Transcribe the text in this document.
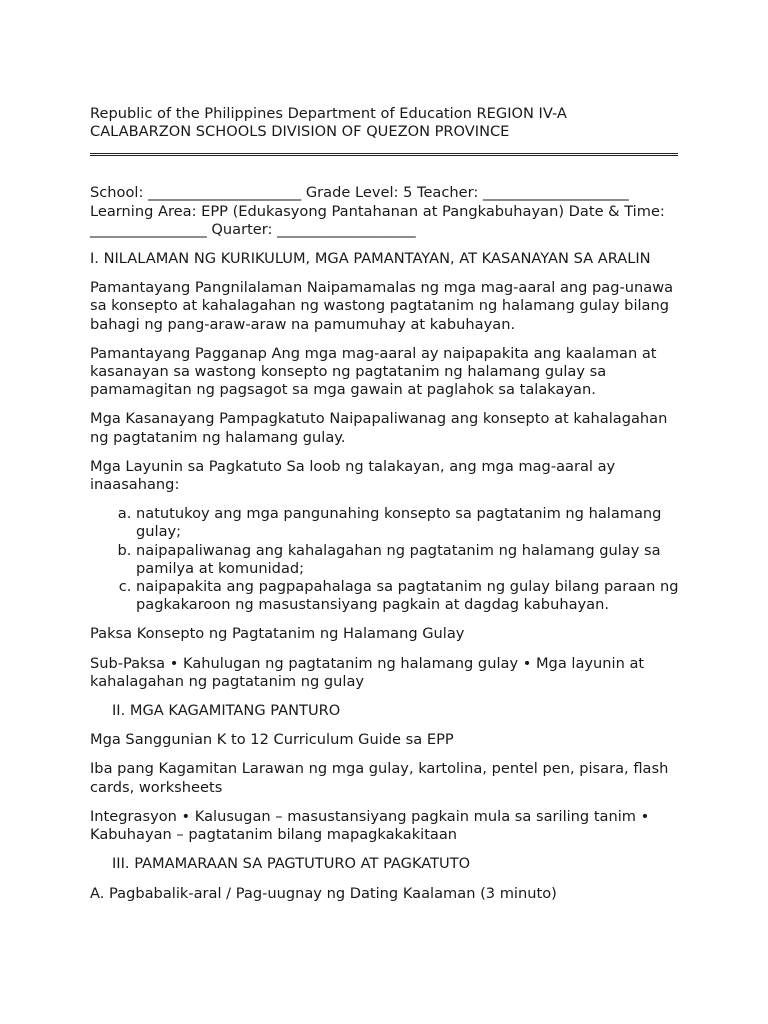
Republic of the Philippines Department of Education REGION IV-A

CALABARZON SCHOOLS DIVISION OF QUEZON PROVINCE

School: _____________________ Grade Level: 5 Teacher: ____________________ Learning Area: EPP (Edukasyong Pantahanan at Pangkabuhayan) Date & Time: ________________ Quarter: ___________________

I. NILALAMAN NG KURIKULUM, MGA PAMANTAYAN, AT KASANAYAN SA ARALIN

Pamantayang Pangnilalaman Naipamamalas ng mga mag-aaral ang pag-unawa sa konsepto at kahalagahan ng wastong pagtatanim ng halamang gulay bilang bahagi ng pang-araw-araw na pamumuhay at kabuhayan.

Pamantayang Pagganap Ang mga mag-aaral ay naipapakita ang kaalaman at kasanayan sa wastong konsepto ng pagtatanim ng halamang gulay sa pamamagitan ng pagsagot sa mga gawain at paglahok sa talakayan.

Mga Kasanayang Pampagkatuto Naipapaliwanag ang konsepto at kahalagahan ng pagtatanim ng halamang gulay.

Mga Layunin sa Pagkatuto Sa loob ng talakayan, ang mga mag-aaral ay inaasahang:

a. natutukoy ang mga pangunahing konsepto sa pagtatanim ng halamang gulay;
b. naipapaliwanag ang kahalagahan ng pagtatanim ng halamang gulay sa pamilya at komunidad;
c. naipapakita ang pagpapahalaga sa pagtatanim ng gulay bilang paraan ng pagkakaroon ng masustansiyang pagkain at dagdag kabuhayan.

Paksa Konsepto ng Pagtatanim ng Halamang Gulay

Sub-Paksa • Kahulugan ng pagtatanim ng halamang gulay • Mga layunin at kahalagahan ng pagtatanim ng gulay

II. MGA KAGAMITANG PANTURO

Mga Sanggunian K to 12 Curriculum Guide sa EPP

Iba pang Kagamitan Larawan ng mga gulay, kartolina, pentel pen, pisara, flash cards, worksheets

Integrasyon • Kalusugan – masustansiyang pagkain mula sa sariling tanim • Kabuhayan – pagtatanim bilang mapagkakakitaan

III. PAMAMARAAN SA PAGTUTURO AT PAGKATUTO

A. Pagbabalik-aral / Pag-uugnay ng Dating Kaalaman (3 minuto)
